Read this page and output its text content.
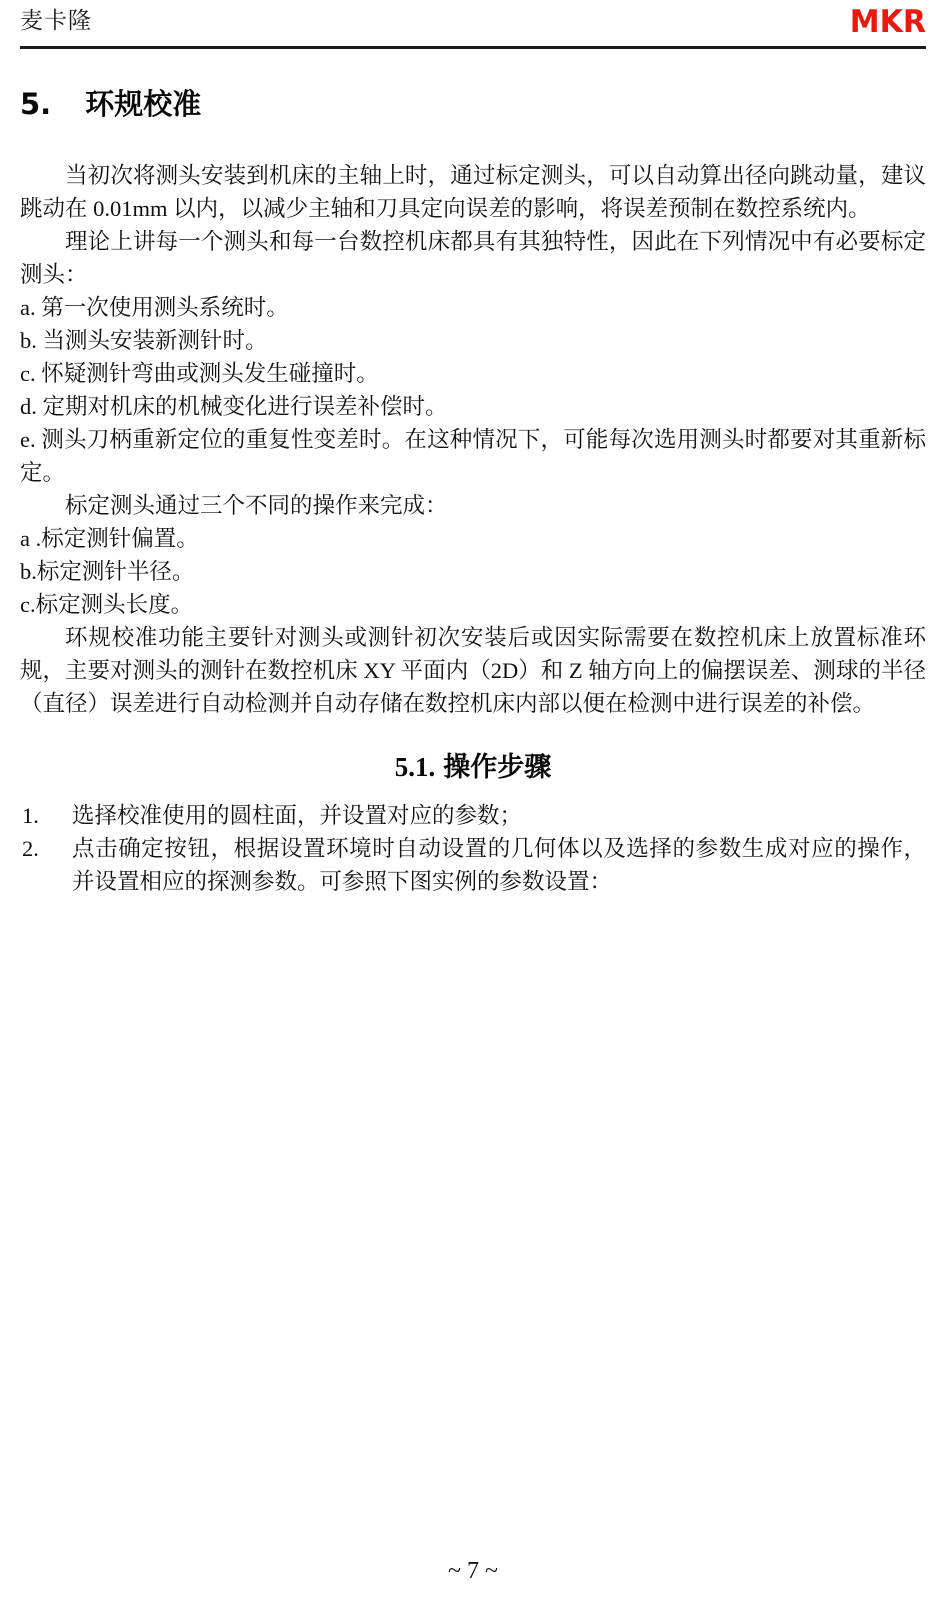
麦卡隆	MKR
5. 环规校准

当初次将测头安装到机床的主轴上时，通过标定测头，可以自动算出径向跳动量，建议跳动在 0.01mm 以内，以减少主轴和刀具定向误差的影响，将误差预制在数控系统内。

理论上讲每一个测头和每一台数控机床都具有其独特性，因此在下列情况中有必要标定测头：

a. 第一次使用测头系统时。
b. 当测头安装新测针时。
c. 怀疑测针弯曲或测头发生碰撞时。
d. 定期对机床的机械变化进行误差补偿时。
e. 测头刀柄重新定位的重复性变差时。在这种情况下，可能每次选用测头时都要对其重新标定。

标定测头通过三个不同的操作来完成：

a .标定测针偏置。
b.标定测针半径。
c.标定测头长度。

环规校准功能主要针对测头或测针初次安装后或因实际需要在数控机床上放置标准环规，主要对测头的测针在数控机床 XY 平面内（2D）和 Z 轴方向上的偏摆误差、测球的半径（直径）误差进行自动检测并自动存储在数控机床内部以便在检测中进行误差的补偿。

5.1. 操作步骤
1.	选择校准使用的圆柱面，并设置对应的参数；
2.	点击确定按钮，根据设置环境时自动设置的几何体以及选择的参数生成对应的操作，并设置相应的探测参数。可参照下图实例的参数设置：
~ 7 ~
